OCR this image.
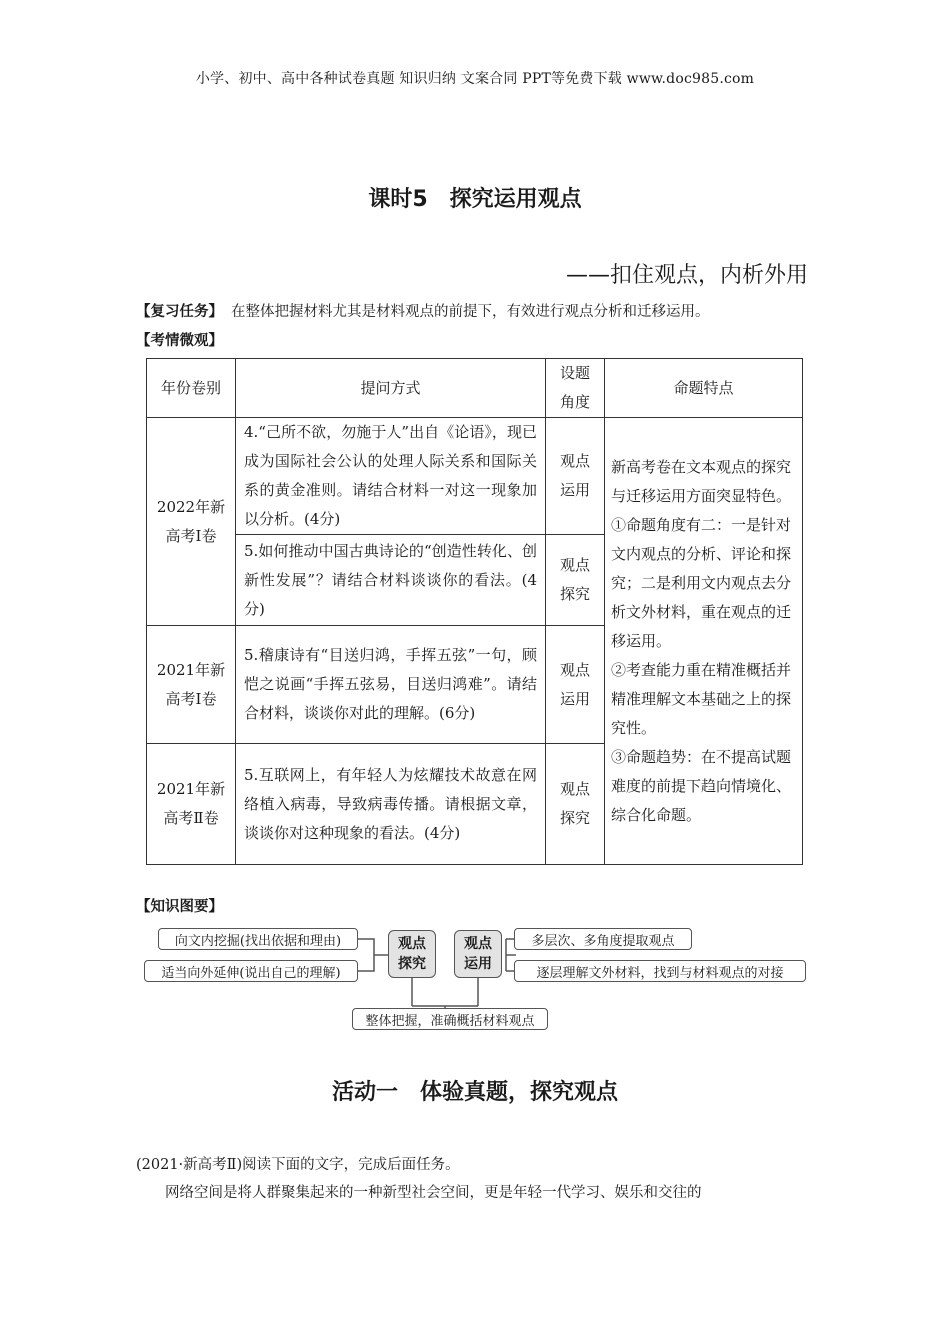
小学、初中、高中各种试卷真题 知识归纳 文案合同 PPT等免费下载 www.doc985.com
课时5　探究运用观点
——扣住观点，内析外用
【复习任务】 在整体把握材料尤其是材料观点的前提下，有效进行观点分析和迁移运用。
【考情微观】
年份卷别	提问方式	设题角度	命题特点
2022年新高考Ⅰ卷	4.“己所不欲，勿施于人”出自《论语》，现已成为国际社会公认的处理人际关系和国际关系的黄金准则。请结合材料一对这一现象加以分析。(4分)	观点运用	新高考卷在文本观点的探究与迁移运用方面突显特色。
①命题角度有二：一是针对文内观点的分析、评论和探究；二是利用文内观点去分析文外材料，重在观点的迁移运用。
②考查能力重在精准概括并精准理解文本基础之上的探究性。
③命题趋势：在不提高试题难度的前提下趋向情境化、综合化命题。

	5.如何推动中国古典诗论的“创造性转化、创新性发展”？请结合材料谈谈你的看法。(4分)	观点探究	
2021年新高考Ⅰ卷	5.稽康诗有“目送归鸿，手挥五弦”一句，顾恺之说画“手挥五弦易，目送归鸿难”。请结合材料，谈谈你对此的理解。(6分)	观点运用	
2021年新高考Ⅱ卷	5.互联网上，有年轻人为炫耀技术故意在网络植入病毒，导致病毒传播。请根据文章，谈谈你对这种现象的看法。(4分)	观点探究	
【知识图要】
向文内挖掘(找出依据和理由)
适当向外延伸(说出自己的理解)
观点
探究
观点
运用
多层次、多角度提取观点
逐层理解文外材料，找到与材料观点的对接
整体把握，准确概括材料观点
活动一　体验真题，探究观点
(2021·新高考Ⅱ)阅读下面的文字，完成后面任务。
网络空间是将人群聚集起来的一种新型社会空间，更是年轻一代学习、娱乐和交往的
